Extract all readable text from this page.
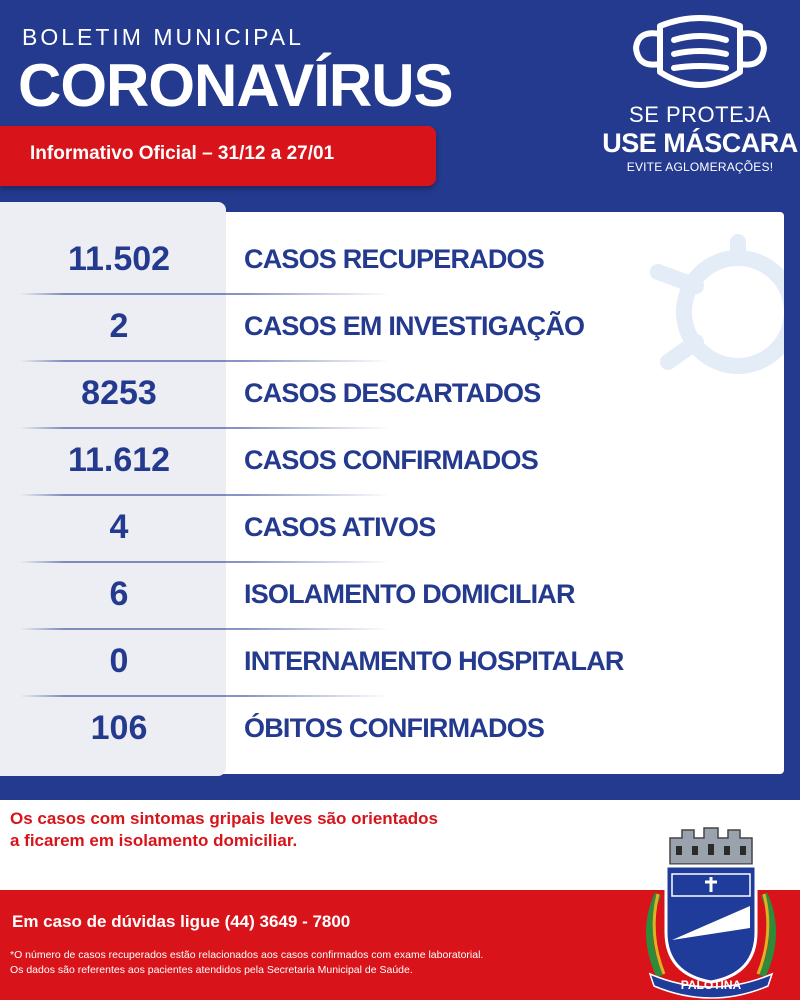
BOLETIM MUNICIPAL
CORONAVÍRUS	SE PROTEJA
USE MÁSCARA
EVITE AGLOMERAÇÕES!
Informativo Oficial – 31/12 a 27/01
11.502	CASOS RECUPERADOS
2	CASOS EM INVESTIGAÇÃO
8253	CASOS DESCARTADOS
11.612	CASOS CONFIRMADOS
4	CASOS ATIVOS
6	ISOLAMENTO DOMICILIAR
0	INTERNAMENTO HOSPITALAR
106	ÓBITOS CONFIRMADOS
Os casos com sintomas gripais leves são orientados
a ficarem em isolamento domiciliar.
Em caso de dúvidas ligue (44) 3649 - 7800
*O número de casos recuperados estão relacionados aos casos confirmados com exame laboratorial.
Os dados são referentes aos pacientes atendidos pela Secretaria Municipal de Saúde.
PALOTINA
